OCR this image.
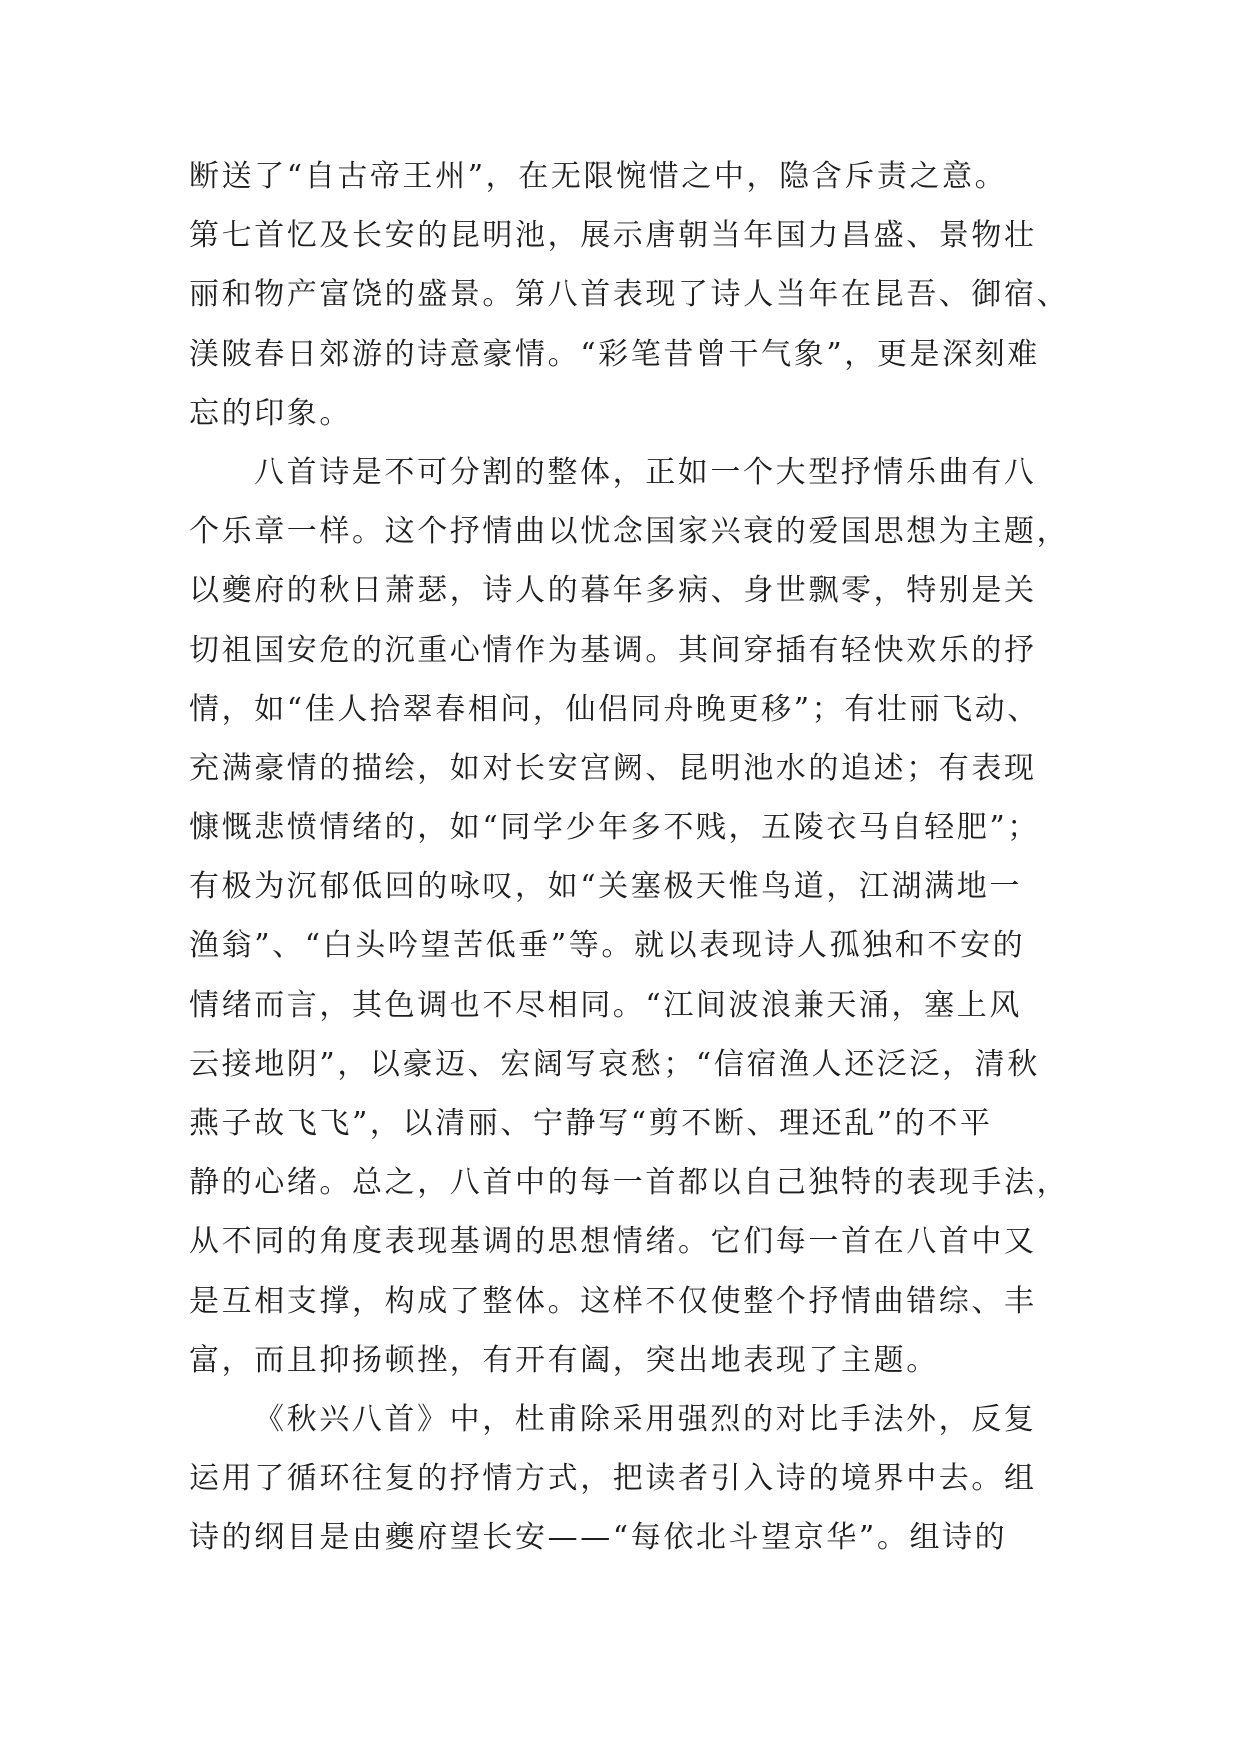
断送了“自古帝王州”，在无限惋惜之中，隐含斥责之意。
第七首忆及长安的昆明池，展示唐朝当年国力昌盛、景物壮
丽和物产富饶的盛景。第八首表现了诗人当年在昆吾、御宿、
渼陂春日郊游的诗意豪情。“彩笔昔曾干气象”，更是深刻难
忘的印象。
八首诗是不可分割的整体，正如一个大型抒情乐曲有八
个乐章一样。这个抒情曲以忧念国家兴衰的爱国思想为主题，
以夔府的秋日萧瑟，诗人的暮年多病、身世飘零，特别是关
切祖国安危的沉重心情作为基调。其间穿插有轻快欢乐的抒
情，如“佳人拾翠春相问，仙侣同舟晚更移”；有壮丽飞动、
充满豪情的描绘，如对长安宫阙、昆明池水的追述；有表现
慷慨悲愤情绪的，如“同学少年多不贱，五陵衣马自轻肥”；
有极为沉郁低回的咏叹，如“关塞极天惟鸟道，江湖满地一
渔翁”、“白头吟望苦低垂”等。就以表现诗人孤独和不安的
情绪而言，其色调也不尽相同。“江间波浪兼天涌，塞上风
云接地阴”，以豪迈、宏阔写哀愁；“信宿渔人还泛泛，清秋
燕子故飞飞”，以清丽、宁静写“剪不断、理还乱”的不平
静的心绪。总之，八首中的每一首都以自己独特的表现手法，
从不同的角度表现基调的思想情绪。它们每一首在八首中又
是互相支撑，构成了整体。这样不仅使整个抒情曲错综、丰
富，而且抑扬顿挫，有开有阖，突出地表现了主题。
《秋兴八首》中，杜甫除采用强烈的对比手法外，反复
运用了循环往复的抒情方式，把读者引入诗的境界中去。组
诗的纲目是由夔府望长安——“每依北斗望京华”。组诗的
